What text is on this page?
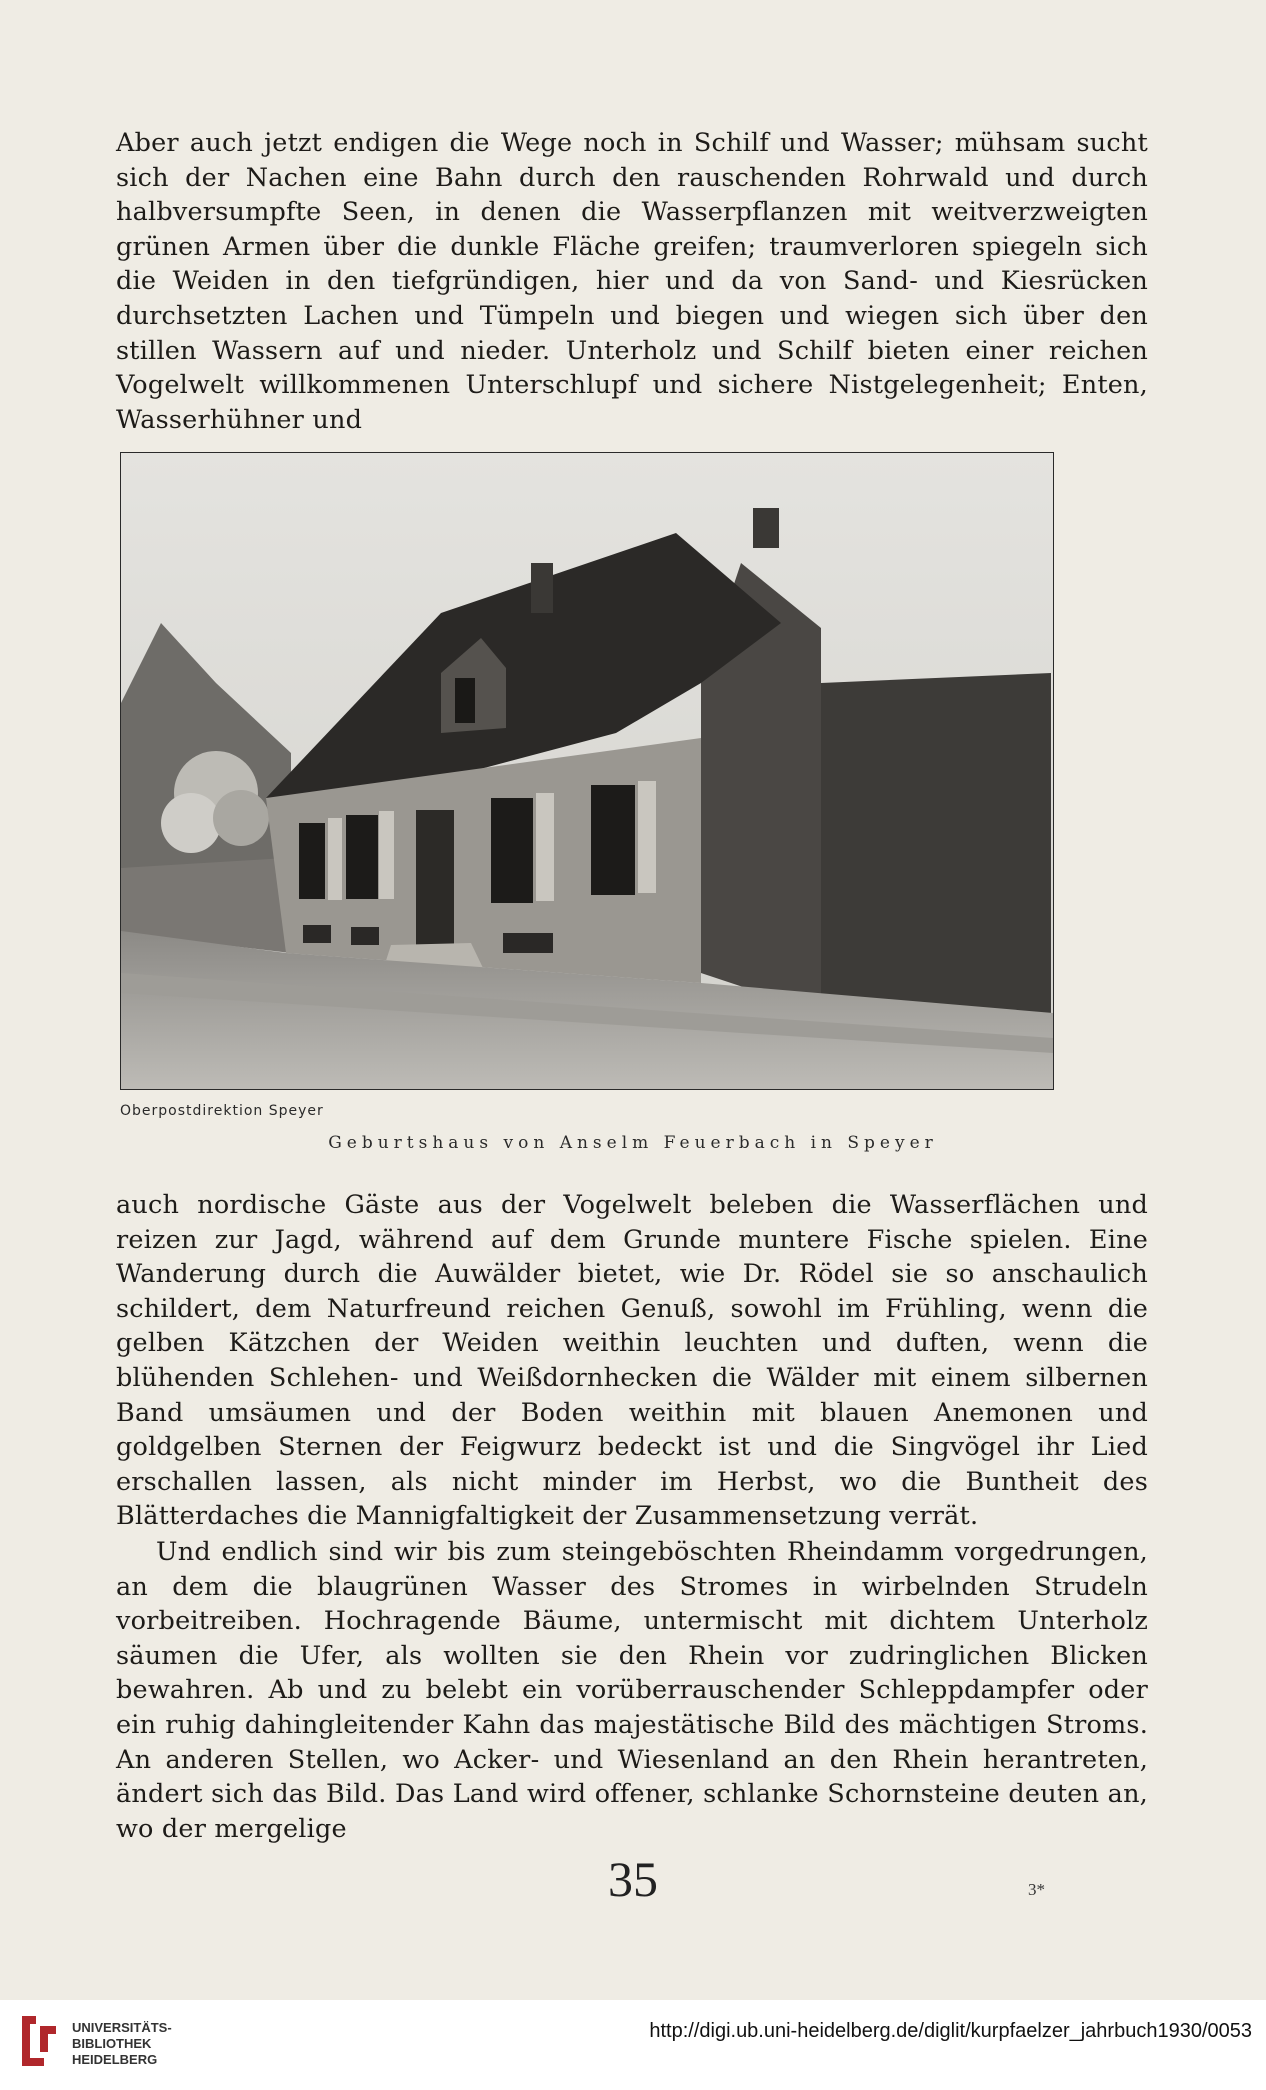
Aber auch jetzt endigen die Wege noch in Schilf und Wasser; mühsam sucht sich der Nachen eine Bahn durch den rauschenden Rohrwald und durch halbversumpfte Seen, in denen die Wasserpflanzen mit weitverzweigten grünen Armen über die dunkle Fläche greifen; traumverloren spiegeln sich die Weiden in den tiefgründigen, hier und da von Sand- und Kiesrücken durchsetzten Lachen und Tümpeln und biegen und wiegen sich über den stillen Wassern auf und nieder. Unterholz und Schilf bieten einer reichen Vogelwelt willkommenen Unterschlupf und sichere Nistgelegenheit; Enten, Wasserhühner und

Oberpostdirektion Speyer
Geburtshaus von Anselm Feuerbach in Speyer

auch nordische Gäste aus der Vogelwelt beleben die Wasserflächen und reizen zur Jagd, während auf dem Grunde muntere Fische spielen. Eine Wanderung durch die Auwälder bietet, wie Dr. Rödel sie so anschaulich schildert, dem Naturfreund reichen Genuß, sowohl im Frühling, wenn die gelben Kätzchen der Weiden weithin leuchten und duften, wenn die blühenden Schlehen- und Weißdornhecken die Wälder mit einem silbernen Band umsäumen und der Boden weithin mit blauen Anemonen und goldgelben Sternen der Feigwurz bedeckt ist und die Singvögel ihr Lied erschallen lassen, als nicht minder im Herbst, wo die Buntheit des Blätterdaches die Mannigfaltigkeit der Zusammensetzung verrät.

Und endlich sind wir bis zum steingeböschten Rheindamm vorgedrungen, an dem die blaugrünen Wasser des Stromes in wirbelnden Strudeln vorbeitreiben. Hochragende Bäume, untermischt mit dichtem Unterholz säumen die Ufer, als wollten sie den Rhein vor zudringlichen Blicken bewahren. Ab und zu belebt ein vorüberrauschender Schleppdampfer oder ein ruhig dahingleitender Kahn das majestätische Bild des mächtigen Stroms. An anderen Stellen, wo Acker- und Wiesenland an den Rhein herantreten, ändert sich das Bild. Das Land wird offener, schlanke Schornsteine deuten an, wo der mergelige

35	3*
UNIVERSITÄTS-
BIBLIOTHEK
HEIDELBERG
http://digi.ub.uni-heidelberg.de/diglit/kurpfaelzer_jahrbuch1930/0053
